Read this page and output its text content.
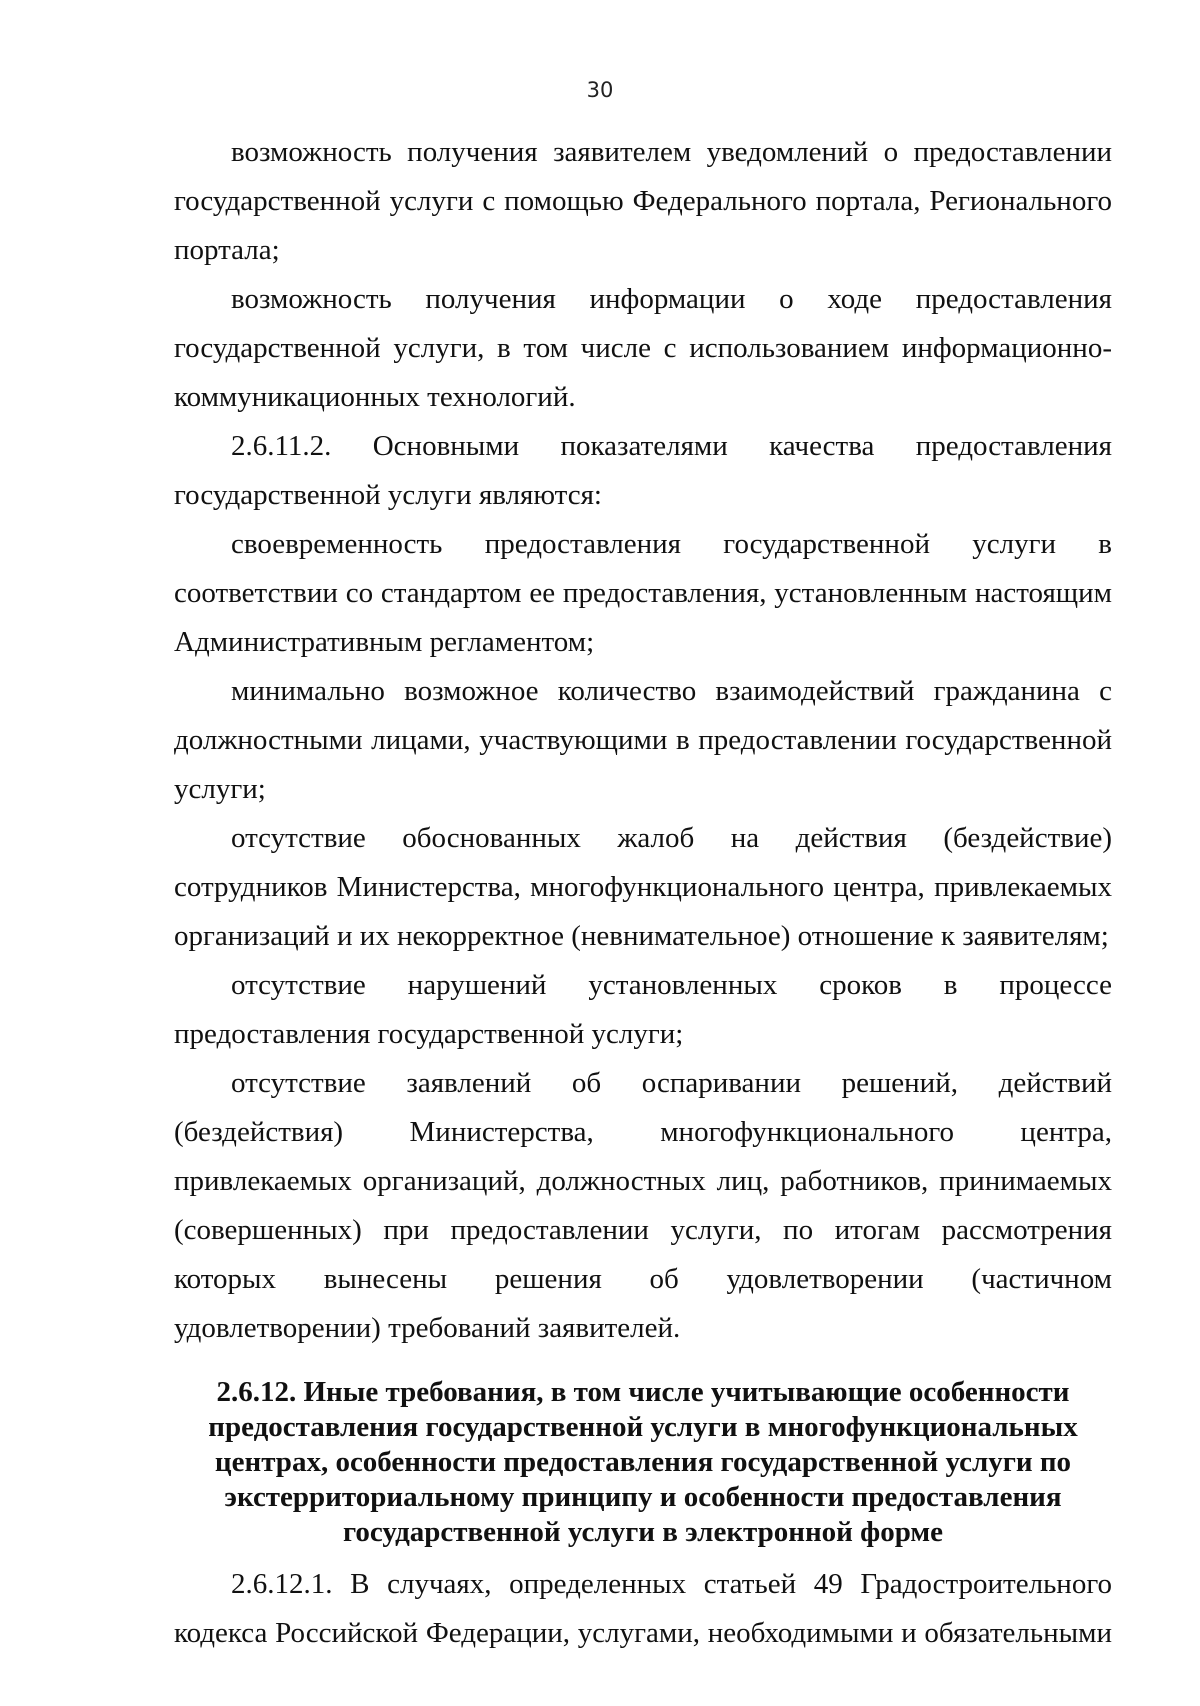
30

возможность получения заявителем уведомлений о предоставлении государственной услуги с помощью Федерального портала, Регионального портала;

возможность получения информации о ходе предоставления государственной услуги, в том числе с использованием информационно-коммуникационных технологий.

2.6.11.2. Основными показателями качества предоставления государственной услуги являются:

своевременность предоставления государственной услуги в соответствии со стандартом ее предоставления, установленным настоящим Административным регламентом;

минимально возможное количество взаимодействий гражданина с должностными лицами, участвующими в предоставлении государственной услуги;

отсутствие обоснованных жалоб на действия (бездействие) сотрудников Министерства, многофункционального центра, привлекаемых организаций и их некорректное (невнимательное) отношение к заявителям;

отсутствие нарушений установленных сроков в процессе предоставления государственной услуги;

отсутствие заявлений об оспаривании решений, действий (бездействия) Министерства, многофункционального центра, привлекаемых организаций, должностных лиц, работников, принимаемых (совершенных) при предоставлении услуги, по итогам рассмотрения которых вынесены решения об удовлетворении (частичном удовлетворении) требований заявителей.

2.6.12. Иные требования, в том числе учитывающие особенности предоставления государственной услуги в многофункциональных центрах, особенности предоставления государственной услуги по экстерриториальному принципу и особенности предоставления государственной услуги в электронной форме

2.6.12.1. В случаях, определенных статьей 49 Градостроительного кодекса Российской Федерации, услугами, необходимыми и обязательными
